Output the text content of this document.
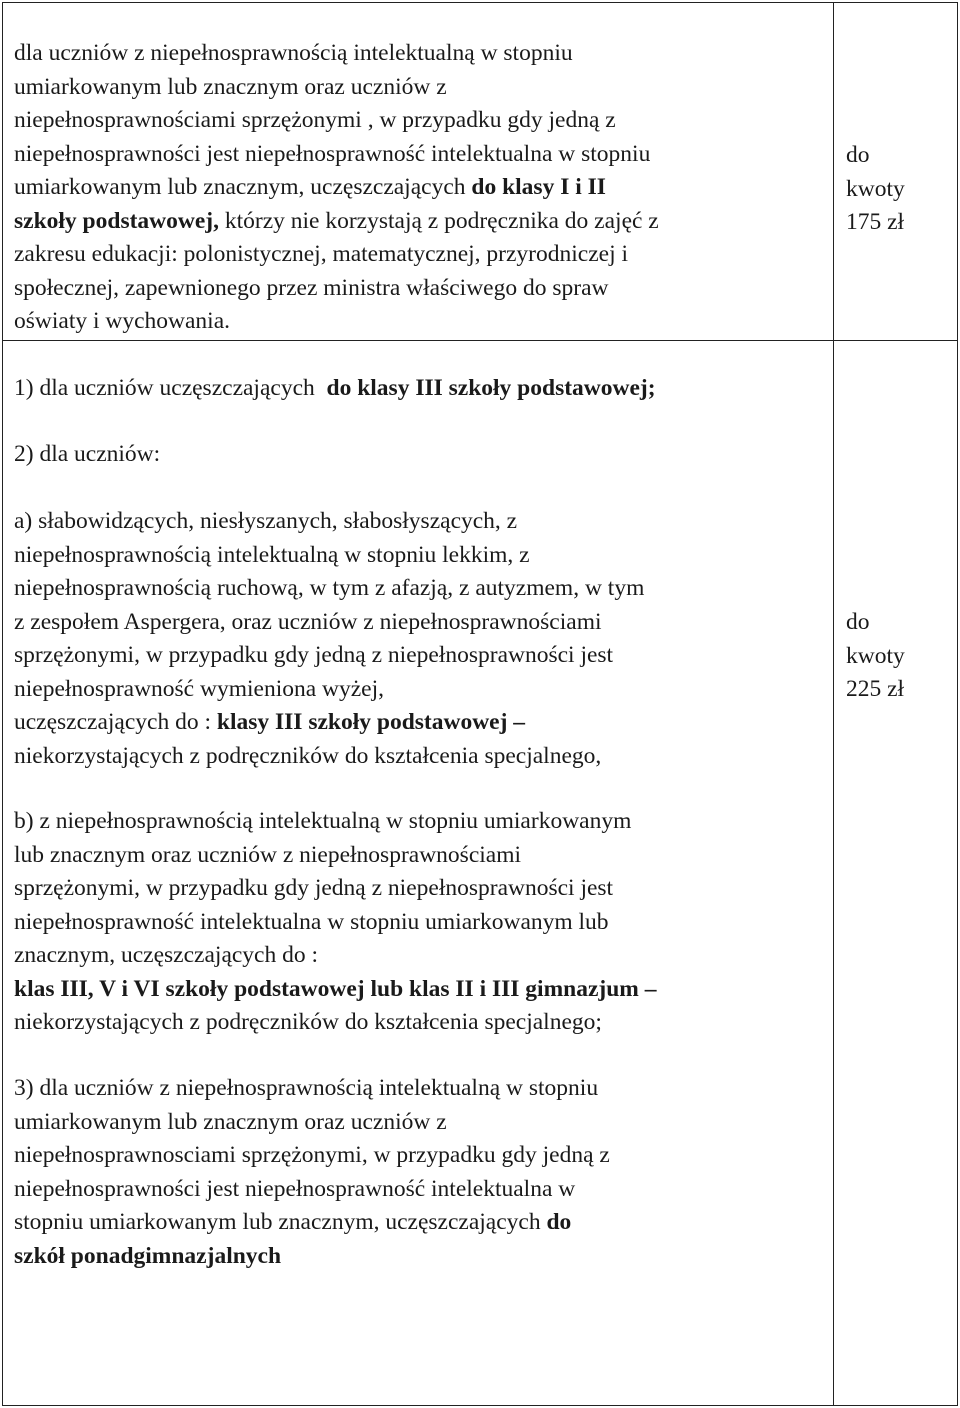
dla uczniów z niepełnosprawnością intelektualną w stopniu
umiarkowanym lub znacznym oraz uczniów z
niepełnosprawnościami sprzężonymi , w przypadku gdy jedną z
niepełnosprawności jest niepełnosprawność intelektualna w stopniu
umiarkowanym lub znacznym, uczęszczających do klasy I i II
szkoły podstawowej, którzy nie korzystają z podręcznika do zajęć z
zakresu edukacji: polonistycznej, matematycznej, przyrodniczej i
społecznej, zapewnionego przez ministra właściwego do spraw
oświaty i wychowania.
do
kwoty
175 zł
1) dla uczniów uczęszczających  do klasy III szkoły podstawowej;
2) dla uczniów:
a) słabowidzących, niesłyszanych, słabosłyszących, z
niepełnosprawnością intelektualną w stopniu lekkim, z
niepełnosprawnością ruchową, w tym z afazją, z autyzmem, w tym
z zespołem Aspergera, oraz uczniów z niepełnosprawnościami
sprzężonymi, w przypadku gdy jedną z niepełnosprawności jest
niepełnosprawność wymieniona wyżej,
uczęszczających do : klasy III szkoły podstawowej –
niekorzystających z podręczników do kształcenia specjalnego,
do
kwoty
225 zł
b) z niepełnosprawnością intelektualną w stopniu umiarkowanym
lub znacznym oraz uczniów z niepełnosprawnościami
sprzężonymi, w przypadku gdy jedną z niepełnosprawności jest
niepełnosprawność intelektualna w stopniu umiarkowanym lub
znacznym, uczęszczających do :
klas III, V i VI szkoły podstawowej lub klas II i III gimnazjum –
niekorzystających z podręczników do kształcenia specjalnego;
3) dla uczniów z niepełnosprawnością intelektualną w stopniu
umiarkowanym lub znacznym oraz uczniów z
niepełnosprawnosciami sprzężonymi, w przypadku gdy jedną z
niepełnosprawności jest niepełnosprawność intelektualna w
stopniu umiarkowanym lub znacznym, uczęszczających do
szkół ponadgimnazjalnych
